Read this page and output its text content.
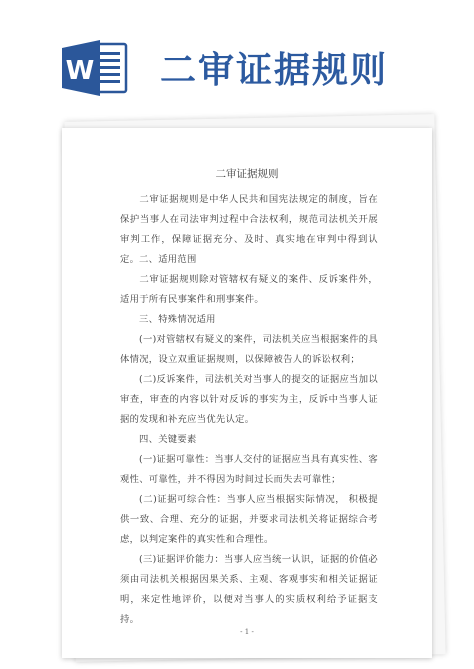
W 二审证据规则
二审证据规则
二审证据规则是中华人民共和国宪法规定的制度，旨在保护当事人在司法审判过程中合法权利，规范司法机关开展审判工作，保障证据充分、及时、真实地在审判中得到认定。 二、适用范围
二审证据规则除对管辖权有疑义的案件、反诉案件外，适用于所有民事案件和刑事案件。
三、特殊情况适用
(一)对管辖权有疑义的案件，司法机关应当根据案件的具体情况，设立双重证据规则，以保障被告人的诉讼权利；
(二)反诉案件，司法机关对当事人的提交的证据应当加以审查，审查的内容以针对反诉的事实为主，反诉中当事人证据的发现和补充应当优先认定。
四、关键要素
(一)证据可靠性：当事人交付的证据应当具有真实性、客观性、可靠性，并不得因为时间过长而失去可靠性；
(二)证据可综合性：当事人应当根据实际情况， 积极提供一致、合理、充分的证据，并要求司法机关将证据综合考虑，以判定案件的真实性和合理性。
(三)证据评价能力：当事人应当统一认识，证据的价值必须由司法机关根据因果关系、主观、客观事实和相关证据证明，来定性地评价，以便对当事人的实质权利给予证据支持。
- 1 -
